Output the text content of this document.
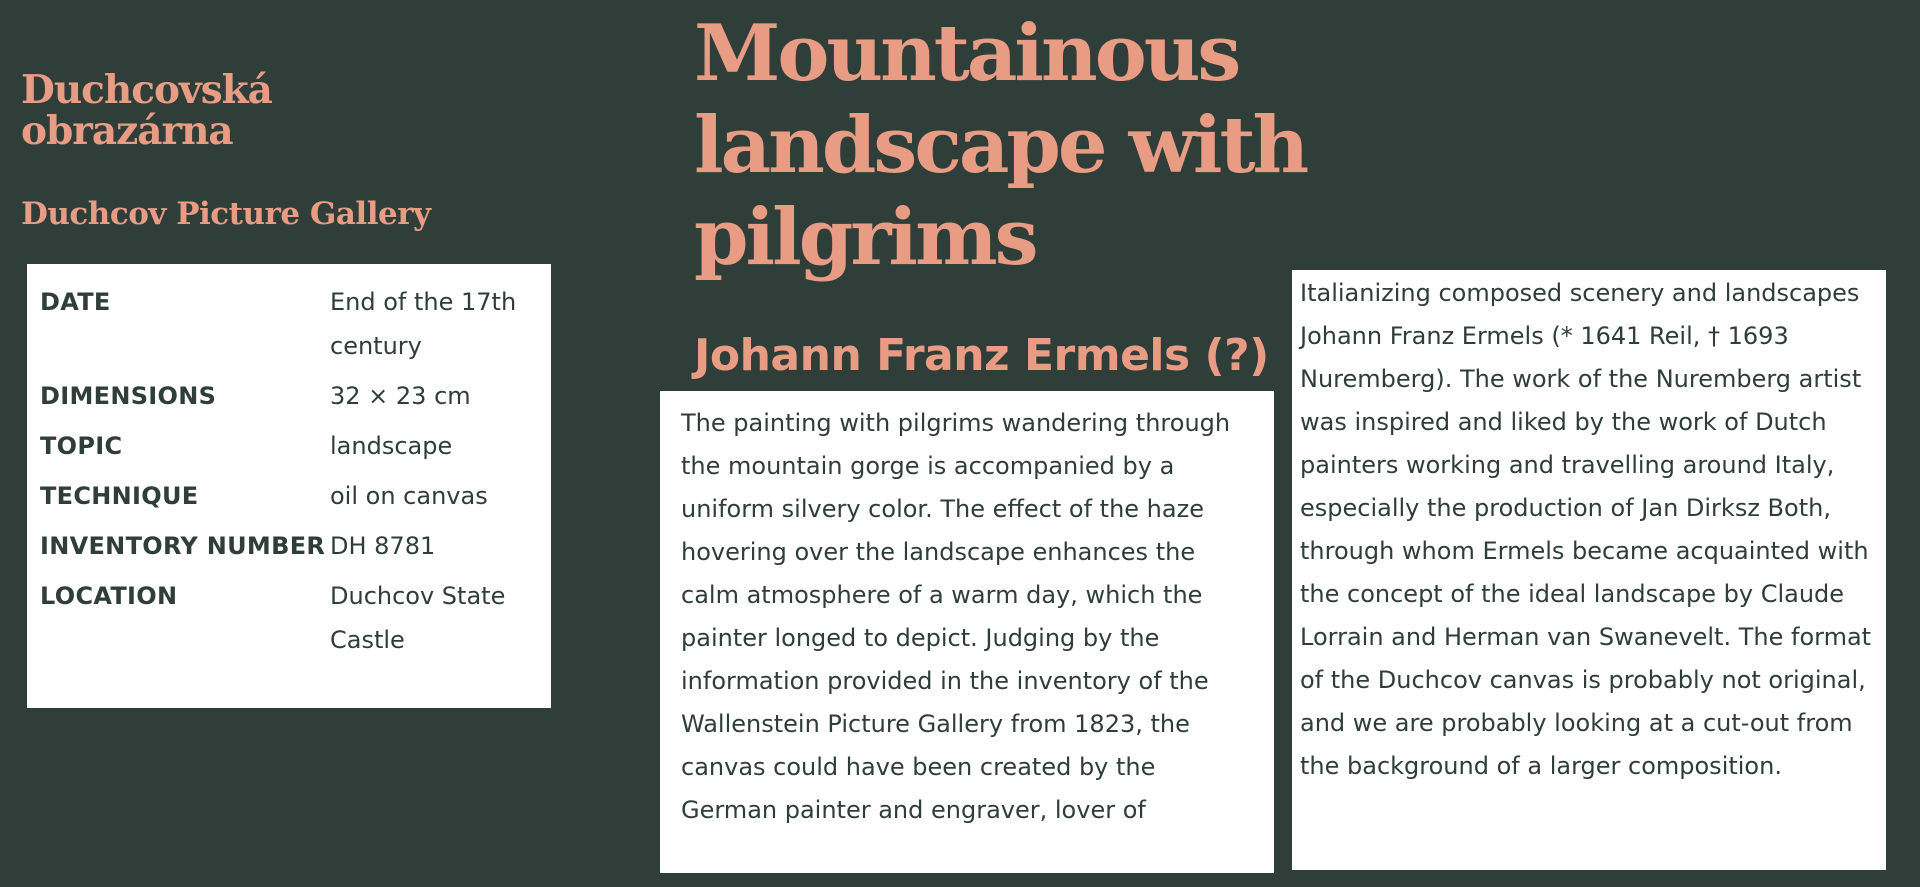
Duchcovská obrazárna
Duchcov Picture Gallery
DATE	End of the 17th century
DIMENSIONS	32 × 23 cm
TOPIC	landscape
TECHNIQUE	oil on canvas
INVENTORY NUMBER	DH 8781
LOCATION	Duchcov State Castle
Mountainous landscape with pilgrims
Johann Franz Ermels (?)

The painting with pilgrims wandering through the mountain gorge is accompanied by a uniform silvery color. The effect of the haze hovering over the landscape enhances the calm atmosphere of a warm day, which the painter longed to depict. Judging by the information provided in the inventory of the Wallenstein Picture Gallery from 1823, the canvas could have been created by the German painter and engraver, lover of

Italianizing composed scenery and landscapes Johann Franz Ermels (* 1641 Reil, † 1693 Nuremberg). The work of the Nuremberg artist was inspired and liked by the work of Dutch painters working and travelling around Italy, especially the production of Jan Dirksz Both, through whom Ermels became acquainted with the concept of the ideal landscape by Claude Lorrain and Herman van Swanevelt. The format of the Duchcov canvas is probably not original, and we are probably looking at a cut-out from the background of a larger composition.
